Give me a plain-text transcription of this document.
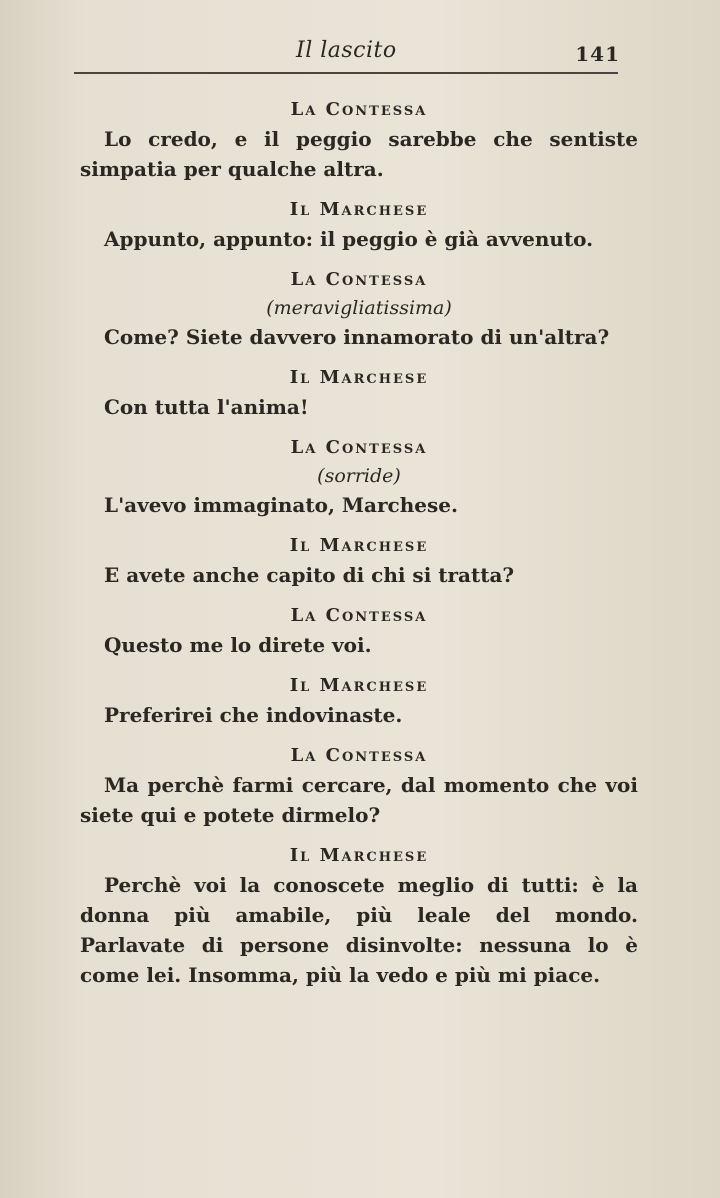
Il lascito	141

La Contessa

Lo credo, e il peggio sarebbe che sentiste simpatia per qualche altra.

Il Marchese

Appunto, appunto: il peggio è già avvenuto.

La Contessa

(meravigliatissima)

Come? Siete davvero innamorato di un'altra?

Il Marchese

Con tutta l'anima!

La Contessa

(sorride)

L'avevo immaginato, Marchese.

Il Marchese

E avete anche capito di chi si tratta?

La Contessa

Questo me lo direte voi.

Il Marchese

Preferirei che indovinaste.

La Contessa

Ma perchè farmi cercare, dal momento che voi siete qui e potete dirmelo?

Il Marchese

Perchè voi la conoscete meglio di tutti: è la donna più amabile, più leale del mondo. Parlavate di persone disinvolte: nessuna lo è come lei. Insomma, più la vedo e più mi piace.
